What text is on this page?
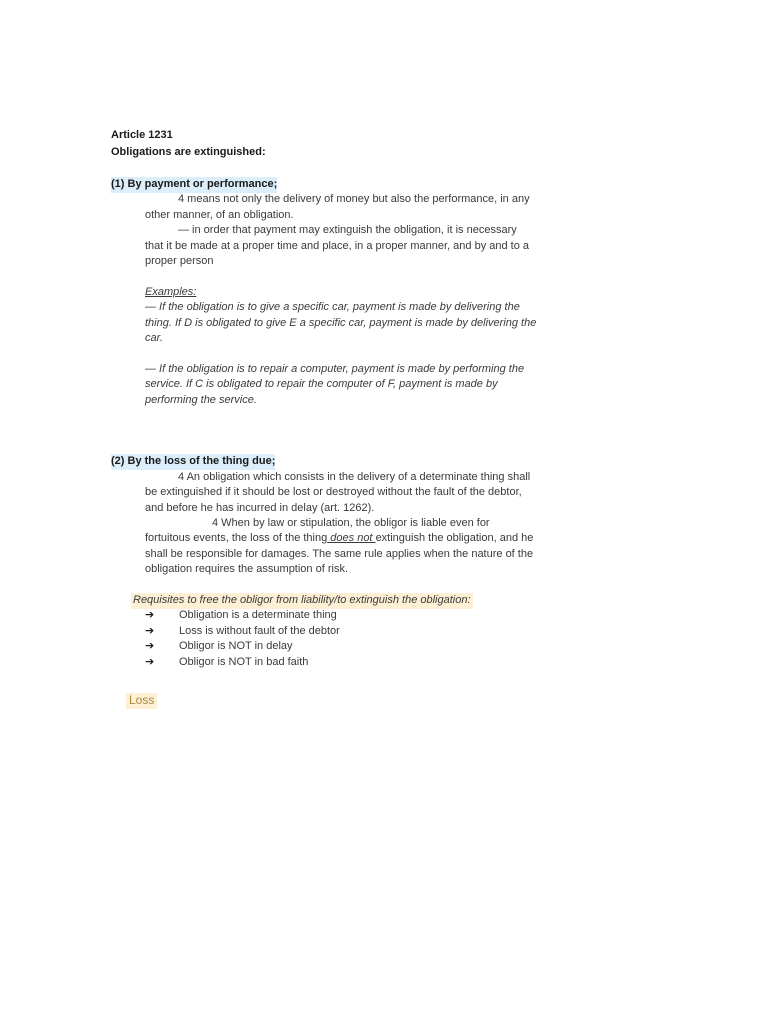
Article 1231
Obligations are extinguished:
(1) By payment or performance;
4 means not only the delivery of money but also the performance, in any
other manner, of an obligation.
— in order that payment may extinguish the obligation, it is necessary
that it be made at a proper time and place, in a proper manner, and by and to a
proper person
Examples:
— If the obligation is to give a specific car, payment is made by delivering the
thing. If D is obligated to give E a specific car, payment is made by delivering the
car.
— If the obligation is to repair a computer, payment is made by performing the
service. If C is obligated to repair the computer of F, payment is made by
performing the service.
(2) By the loss of the thing due;
4 An obligation which consists in the delivery of a determinate thing shall
be extinguished if it should be lost or destroyed without the fault of the debtor,
and before he has incurred in delay (art. 1262).
4 When by law or stipulation, the obligor is liable even for
fortuitous events, the loss of the thing does not extinguish the obligation, and he
shall be responsible for damages. The same rule applies when the nature of the
obligation requires the assumption of risk.
Requisites to free the obligor from liability/to extinguish the obligation:
➔ Obligation is a determinate thing
➔ Loss is without fault of the debtor
➔ Obligor is NOT in delay
➔ Obligor is NOT in bad faith
Loss
